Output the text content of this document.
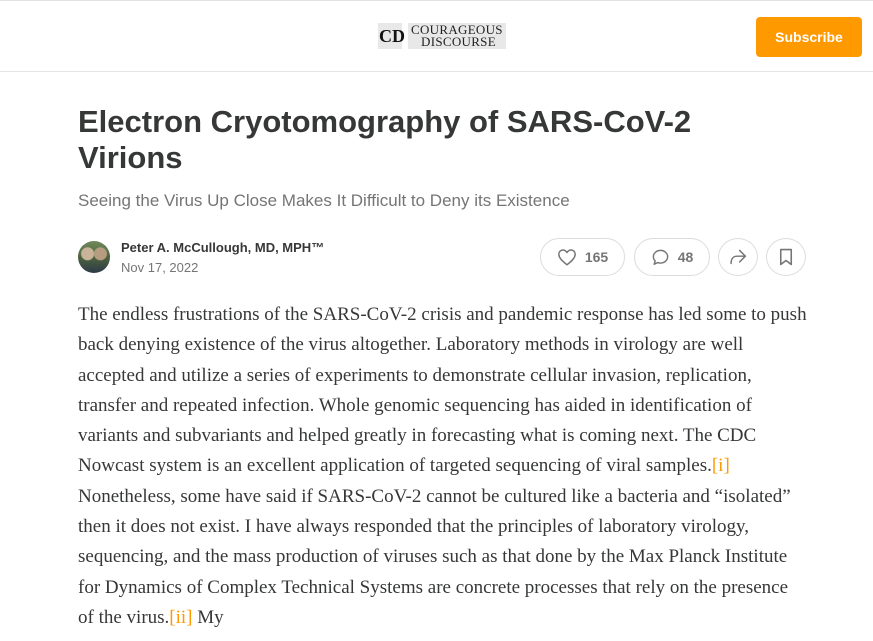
CD COURAGEOUS
DISCOURSE	Subscribe
Electron Cryotomography of SARS-CoV-2 Virions

Seeing the Virus Up Close Makes It Difficult to Deny its Existence

Peter A. McCullough, MD, MPH™
Nov 17, 2022
165	48

The endless frustrations of the SARS-CoV-2 crisis and pandemic response has led some to push back denying existence of the virus altogether. Laboratory methods in virology are well accepted and utilize a series of experiments to demonstrate cellular invasion, replication, transfer and repeated infection. Whole genomic sequencing has aided in identification of variants and subvariants and helped greatly in forecasting what is coming next. The CDC Nowcast system is an excellent application of targeted sequencing of viral samples.[i] Nonetheless, some have said if SARS-CoV-2 cannot be cultured like a bacteria and “isolated” then it does not exist. I have always responded that the principles of laboratory virology, sequencing, and the mass production of viruses such as that done by the Max Planck Institute for Dynamics of Complex Technical Systems are concrete processes that rely on the presence of the virus.[ii] My
